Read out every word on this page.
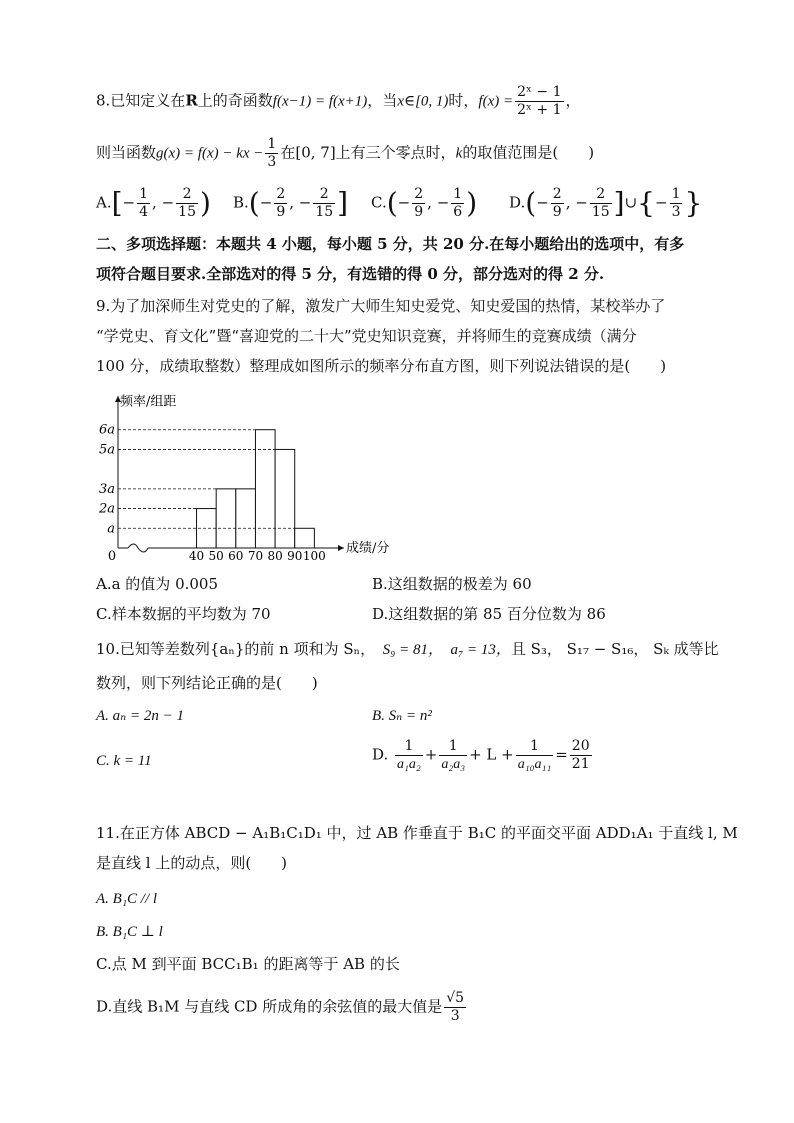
8.已知定义在R上的奇函数f(x−1) = f(x+1)，当x∈[0, 1)时，$f(x) = \frac{\text{2ˣ − 1}}{\text{2ˣ + 1}}$ ，
则当函数g(x) = f(x) − kx − $\frac{1}{3}$ 在[0, 7]上有三个零点时，k的取值范围是(　　)
$A.[- \frac{1}{4}$ , − $\frac{2}{15}$ ) $B.(- \frac{2}{9}$ , − $\frac{2}{15}$ ] $C.(- \frac{2}{9}$ , − $\frac{1}{6}$ ) $D.(- \frac{2}{9}$ , − $\frac{2}{15}$ ]∪{− $\frac{1}{3}$ }
二、多项选择题：本题共 4 小题，每小题 5 分，共 20 分.在每小题给出的选项中，有多
项符合题目要求.全部选对的得 5 分，有选错的得 0 分，部分选对的得 2 分.
9.为了加深师生对党史的了解，激发广大师生知史爱党、知史爱国的热情，某校举办了
“学党史、育文化”暨“喜迎党的二十大”党史知识竞赛，并将师生的竞赛成绩（满分
100 分，成绩取整数）整理成如图所示的频率分布直方图，则下列说法错误的是(　　)
频率/组距
成绩/分
0
a
2a
3a
5a
6a
40 50 60 70 80 90 100
A.a 的值为 0.005	B.这组数据的极差为 60
C.样本数据的平均数为 70	D.这组数据的第 85 百分位数为 86
10.已知等差数列{aₙ}的前 n 项和为 Sₙ，　 S₉ = 81，　 a₇ = 13，且 S₃， S₁₇ − S₁₆， Sₖ 成等比
数列，则下列结论正确的是(　　)
A. aₙ = 2n − 1	B. Sₙ = n²
C. k = 11	D. $\frac{1}{\text{a₁a₂}} + \frac{1}{\text{a₂a₃}} + L + \frac{1}{\text{a₁₀a₁₁}} = \frac{20}{21}$
11.在正方体 ABCD − A₁B₁C₁D₁ 中，过 AB 作垂直于 B₁C 的平面交平面 ADD₁A₁ 于直线 l, M
是直线 l 上的动点，则(　　)
A. B₁C // l
B. B₁C ⊥ l
C.点 M 到平面 BCC₁B₁ 的距离等于 AB 的长
D.直线 B₁M 与直线 CD 所成角的余弦值的最大值是 $\frac{√5}{3}$
